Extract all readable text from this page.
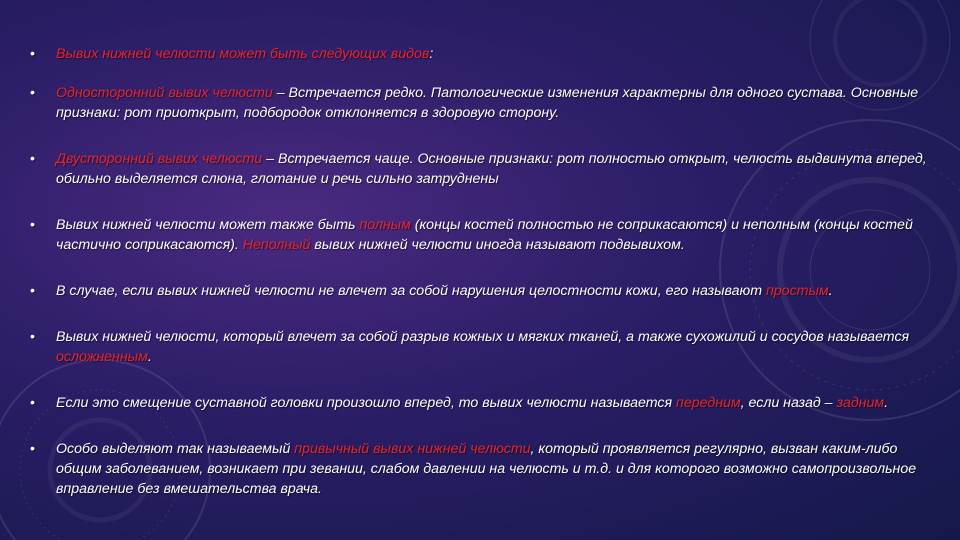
• Вывих нижней челюсти может быть следующих видов:
• Односторонний вывих челюсти – Встречается редко. Патологические изменения характерны для одного сустава. Основные признаки: рот приоткрыт, подбородок отклоняется в здоровую сторону.
• Двусторонний вывих челюсти – Встречается чаще. Основные признаки: рот полностью открыт, челюсть выдвинута вперед, обильно выделяется слюна, глотание и речь сильно затруднены
• Вывих нижней челюсти может также быть полным (концы костей полностью не соприкасаются) и неполным (концы костей частично соприкасаются). Неполный вывих нижней челюсти иногда называют подвывихом.
• В случае, если вывих нижней челюсти не влечет за собой нарушения целостности кожи, его называют простым.
• Вывих нижней челюсти, который влечет за собой разрыв кожных и мягких тканей, а также сухожилий и сосудов называется осложненным.
• Если это смещение суставной головки произошло вперед, то вывих челюсти называется передним, если назад – задним.
• Особо выделяют так называемый привычный вывих нижней челюсти, который проявляется регулярно, вызван каким-либо общим заболеванием, возникает при зевании, слабом давлении на челюсть и т.д. и для которого возможно самопроизвольное вправление без вмешательства врача.
